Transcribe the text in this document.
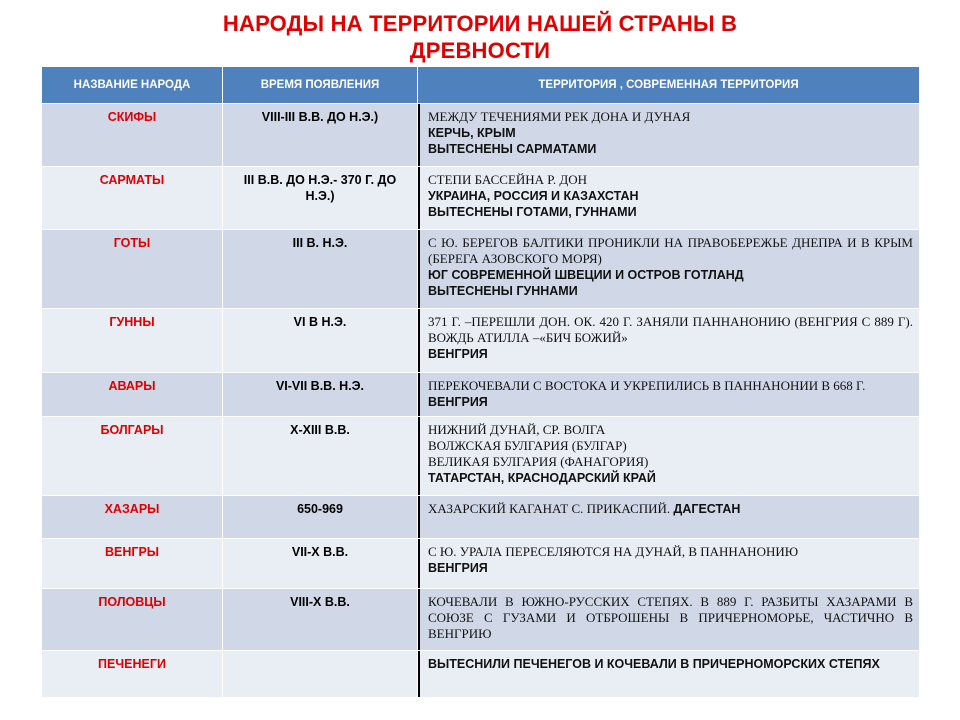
НАРОДЫ НА ТЕРРИТОРИИ НАШЕЙ СТРАНЫ В ДРЕВНОСТИ
НАЗВАНИЕ НАРОДА	ВРЕМЯ ПОЯВЛЕНИЯ	ТЕРРИТОРИЯ , СОВРЕМЕННАЯ ТЕРРИТОРИЯ
СКИФЫ	VIII-III В.В. ДО Н.Э.)	МЕЖДУ ТЕЧЕНИЯМИ РЕК ДОНА И ДУНАЯ
КЕРЧЬ, КРЫМ
ВЫТЕСНЕНЫ САРМАТАМИ

САРМАТЫ	III В.В. ДО Н.Э.- 370 Г. ДО Н.Э.)	СТЕПИ БАССЕЙНА Р. ДОН
УКРАИНА, РОССИЯ И КАЗАХСТАН
ВЫТЕСНЕНЫ ГОТАМИ, ГУННАМИ

ГОТЫ	III В. Н.Э.	С Ю. БЕРЕГОВ БАЛТИКИ ПРОНИКЛИ НА ПРАВОБЕРЕЖЬЕ ДНЕПРА И В КРЫМ (БЕРЕГА АЗОВСКОГО МОРЯ)
ЮГ СОВРЕМЕННОЙ ШВЕЦИИ И ОСТРОВ ГОТЛАНД
ВЫТЕСНЕНЫ ГУННАМИ

ГУННЫ	VI В Н.Э.	371 Г. –ПЕРЕШЛИ ДОН. ОК. 420 Г. ЗАНЯЛИ ПАННАНОНИЮ (ВЕНГРИЯ С 889 Г). ВОЖДЬ АТИЛЛА –«БИЧ БОЖИЙ»
ВЕНГРИЯ

АВАРЫ	VI-VII В.В. Н.Э.	ПЕРЕКОЧЕВАЛИ С ВОСТОКА И УКРЕПИЛИСЬ В ПАННАНОНИИ В 668 Г. ВЕНГРИЯ
БОЛГАРЫ	X-XIII В.В.	НИЖНИЙ ДУНАЙ, СР. ВОЛГА
ВОЛЖСКАЯ БУЛГАРИЯ (БУЛГАР)
ВЕЛИКАЯ БУЛГАРИЯ (ФАНАГОРИЯ)
ТАТАРСТАН, КРАСНОДАРСКИЙ КРАЙ

ХАЗАРЫ	650-969	ХАЗАРСКИЙ КАГАНАТ С. ПРИКАСПИЙ. ДАГЕСТАН
ВЕНГРЫ	VII-X В.В.	С Ю. УРАЛА ПЕРЕСЕЛЯЮТСЯ НА ДУНАЙ, В ПАННАНОНИЮ
ВЕНГРИЯ

ПОЛОВЦЫ	VIII-X В.В.	КОЧЕВАЛИ В ЮЖНО-РУССКИХ СТЕПЯХ. В 889 Г. РАЗБИТЫ ХАЗАРАМИ В СОЮЗЕ С ГУЗАМИ И ОТБРОШЕНЫ В ПРИЧЕРНОМОРЬЕ, ЧАСТИЧНО В ВЕНГРИЮ

ПЕЧЕНЕГИ		ВЫТЕСНИЛИ ПЕЧЕНЕГОВ И КОЧЕВАЛИ В ПРИЧЕРНОМОРСКИХ СТЕПЯХ
